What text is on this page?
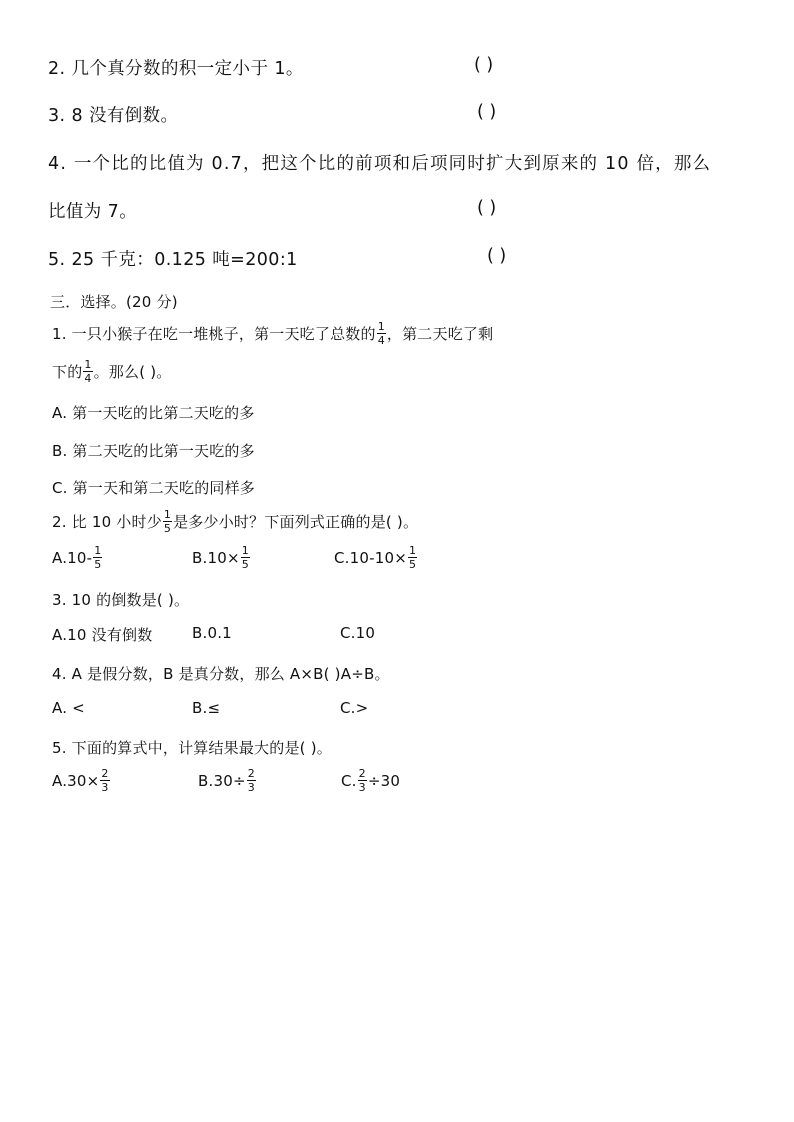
2. 几个真分数的积一定小于 1。	( )
3. 8 没有倒数。	( )
4. 一个比的比值为 0.7，把这个比的前项和后项同时扩大到原来的 10 倍，那么
比值为 7。	( )
5. 25 千克：0.125 吨=200:1	( )
三．选择。(20 分)
1. 一只小猴子在吃一堆桃子，第一天吃了总数的 $\frac{1}{4}$ ，第二天吃了剩
下的 $\frac{1}{4}$ 。那么( )。
A. 第一天吃的比第二天吃的多
B. 第二天吃的比第一天吃的多
C. 第一天和第二天吃的同样多
2. 比 10 小时少 $\frac{1}{5}$ 是多少小时？下面列式正确的是( )。
$A.10- \frac{1}{5}$	$B.10\times \frac{1}{5}$	$C.10-10\times \frac{1}{5}$
3. 10 的倒数是( )。
A.10 没有倒数	B.0.1	C.10
4. A 是假分数，B 是真分数，那么 A×B( )A÷B。
A. <	B.≤	C.>
5. 下面的算式中，计算结果最大的是( )。
$A.30\times \frac{2}{3}$	$B.30\div \frac{2}{3}$	C. $\frac{2}{3} \div 30$
